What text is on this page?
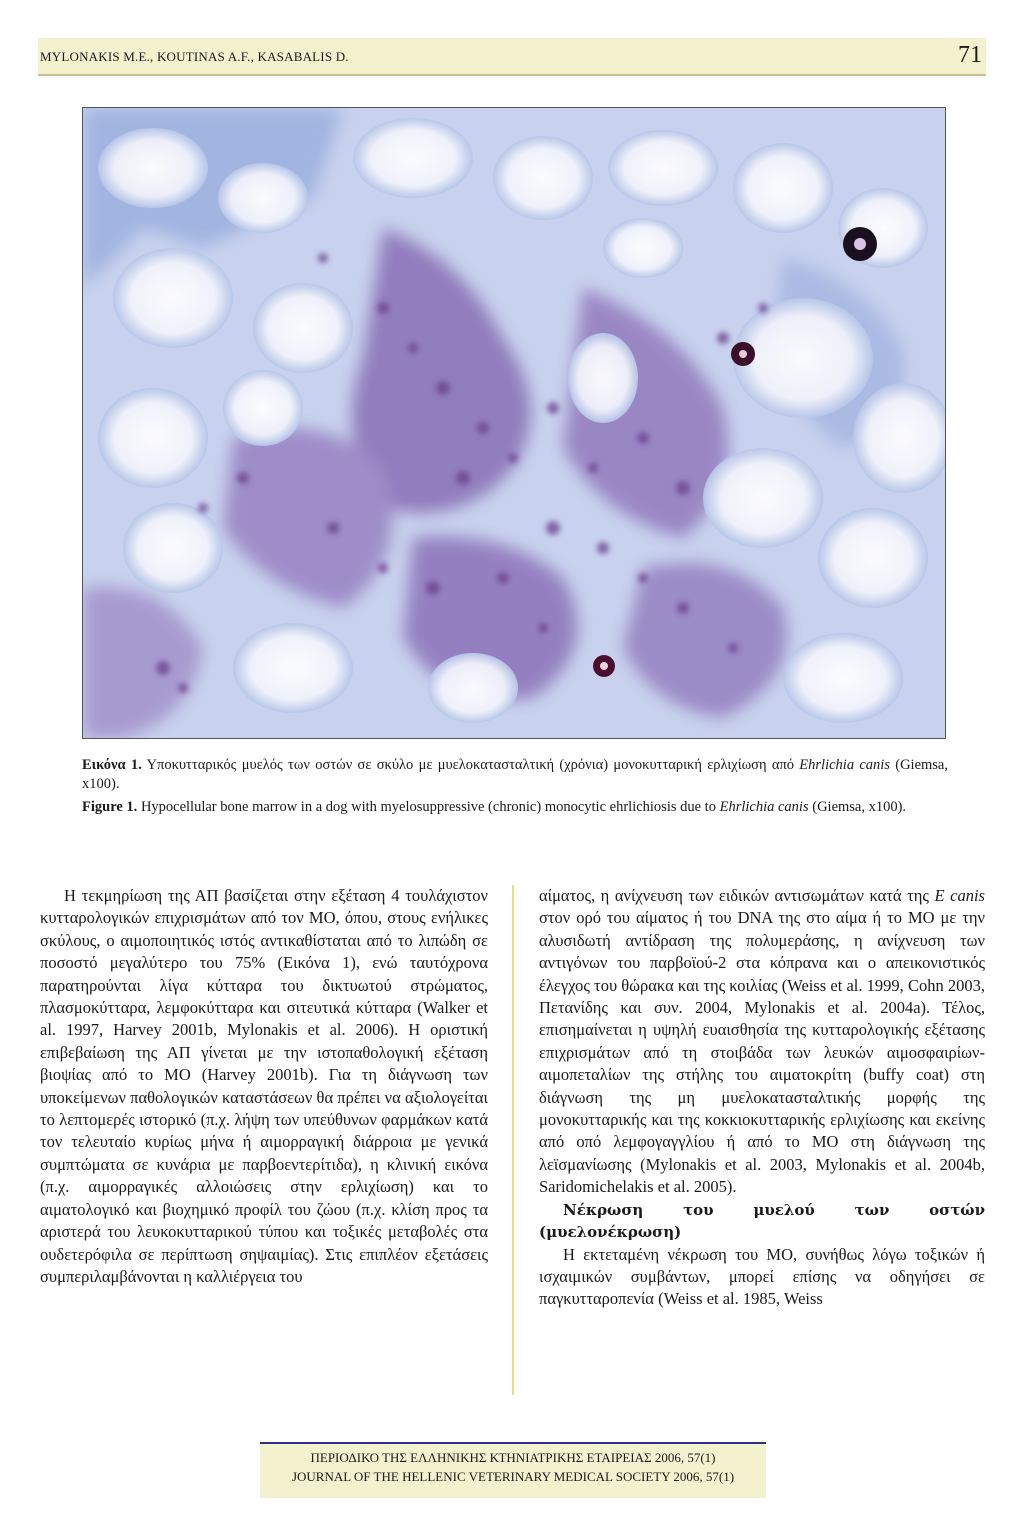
MYLONAKIS M.E., KOUTINAS A.F., KASABALIS D.	71
Εικόνα 1. Υποκυτταρικός μυελός των οστών σε σκύλο με μυελοκατασταλτική (χρόνια) μονοκυτταρική ερλιχίωση από Ehrlichia canis (Giemsa, x100).
Figure 1. Hypocellular bone marrow in a dog with myelosuppressive (chronic) monocytic ehrlichiosis due to Ehrlichia canis (Giemsa, x100).

Η τεκμηρίωση της ΑΠ βασίζεται στην εξέταση 4 τουλάχιστον κυτταρολογικών επιχρισμάτων από τον ΜΟ, όπου, στους ενήλικες σκύλους, ο αιμοποιητικός ιστός αντικαθίσταται από το λιπώδη σε ποσοστό μεγαλύτερο του 75% (Εικόνα 1), ενώ ταυτόχρονα παρατηρούνται λίγα κύτταρα του δικτυωτού στρώματος, πλασμοκύτταρα, λεμφοκύτταρα και σιτευτικά κύτταρα (Walker et al. 1997, Harvey 2001b, Mylonakis et al. 2006). Η οριστική επιβεβαίωση της ΑΠ γίνεται με την ιστοπαθολογική εξέταση βιοψίας από το ΜΟ (Harvey 2001b). Για τη διάγνωση των υποκείμενων παθολογικών καταστάσεων θα πρέπει να αξιολογείται το λεπτομερές ιστορικό (π.χ. λήψη των υπεύθυνων φαρμάκων κατά τον τελευταίο κυρίως μήνα ή αιμορραγική διάρροια με γενικά συμπτώματα σε κυνάρια με παρβοεντερίτιδα), η κλινική εικόνα (π.χ. αιμορραγικές αλλοιώσεις στην ερλιχίωση) και το αιματολογικό και βιοχημικό προφίλ του ζώου (π.χ. κλίση προς τα αριστερά του λευκοκυτταρικού τύπου και τοξικές μεταβολές στα ουδετερόφιλα σε περίπτωση σηψαιμίας). Στις επιπλέον εξετάσεις συμπεριλαμβάνονται η καλλιέργεια του

αίματος, η ανίχνευση των ειδικών αντισωμάτων κατά της E canis στον ορό του αίματος ή του DNA της στο αίμα ή το ΜΟ με την αλυσιδωτή αντίδραση της πολυμεράσης, η ανίχνευση των αντιγόνων του παρβοϊού-2 στα κόπρανα και ο απεικονιστικός έλεγχος του θώρακα και της κοιλίας (Weiss et al. 1999, Cohn 2003, Πετανίδης και συν. 2004, Mylonakis et al. 2004a). Τέλος, επισημαίνεται η υψηλή ευαισθησία της κυτταρολογικής εξέτασης επιχρισμάτων από τη στοιβάδα των λευκών αιμοσφαιρίων-αιμοπεταλίων της στήλης του αιματοκρίτη (buffy coat) στη διάγνωση της μη μυελοκατασταλτικής μορφής της μονοκυτταρικής και της κοκκιοκυτταρικής ερλιχίωσης και εκείνης από οπό λεμφογαγγλίου ή από το ΜΟ στη διάγνωση της λεϊσμανίωσης (Mylonakis et al. 2003, Mylonakis et al. 2004b, Saridomichelakis et al. 2005).

Νέκρωση του μυελού των οστών (μυελονέκρωση)

Η εκτεταμένη νέκρωση του ΜΟ, συνήθως λόγω τοξικών ή ισχαιμικών συμβάντων, μπορεί επίσης να οδηγήσει σε παγκυτταροπενία (Weiss et al. 1985, Weiss

ΠΕΡΙΟΔΙΚΟ ΤΗΣ ΕΛΛΗΝΙΚΗΣ ΚΤΗΝΙΑΤΡΙΚΗΣ ΕΤΑΙΡΕΙΑΣ 2006, 57(1)
JOURNAL OF THE HELLENIC VETERINARY MEDICAL SOCIETY 2006, 57(1)
